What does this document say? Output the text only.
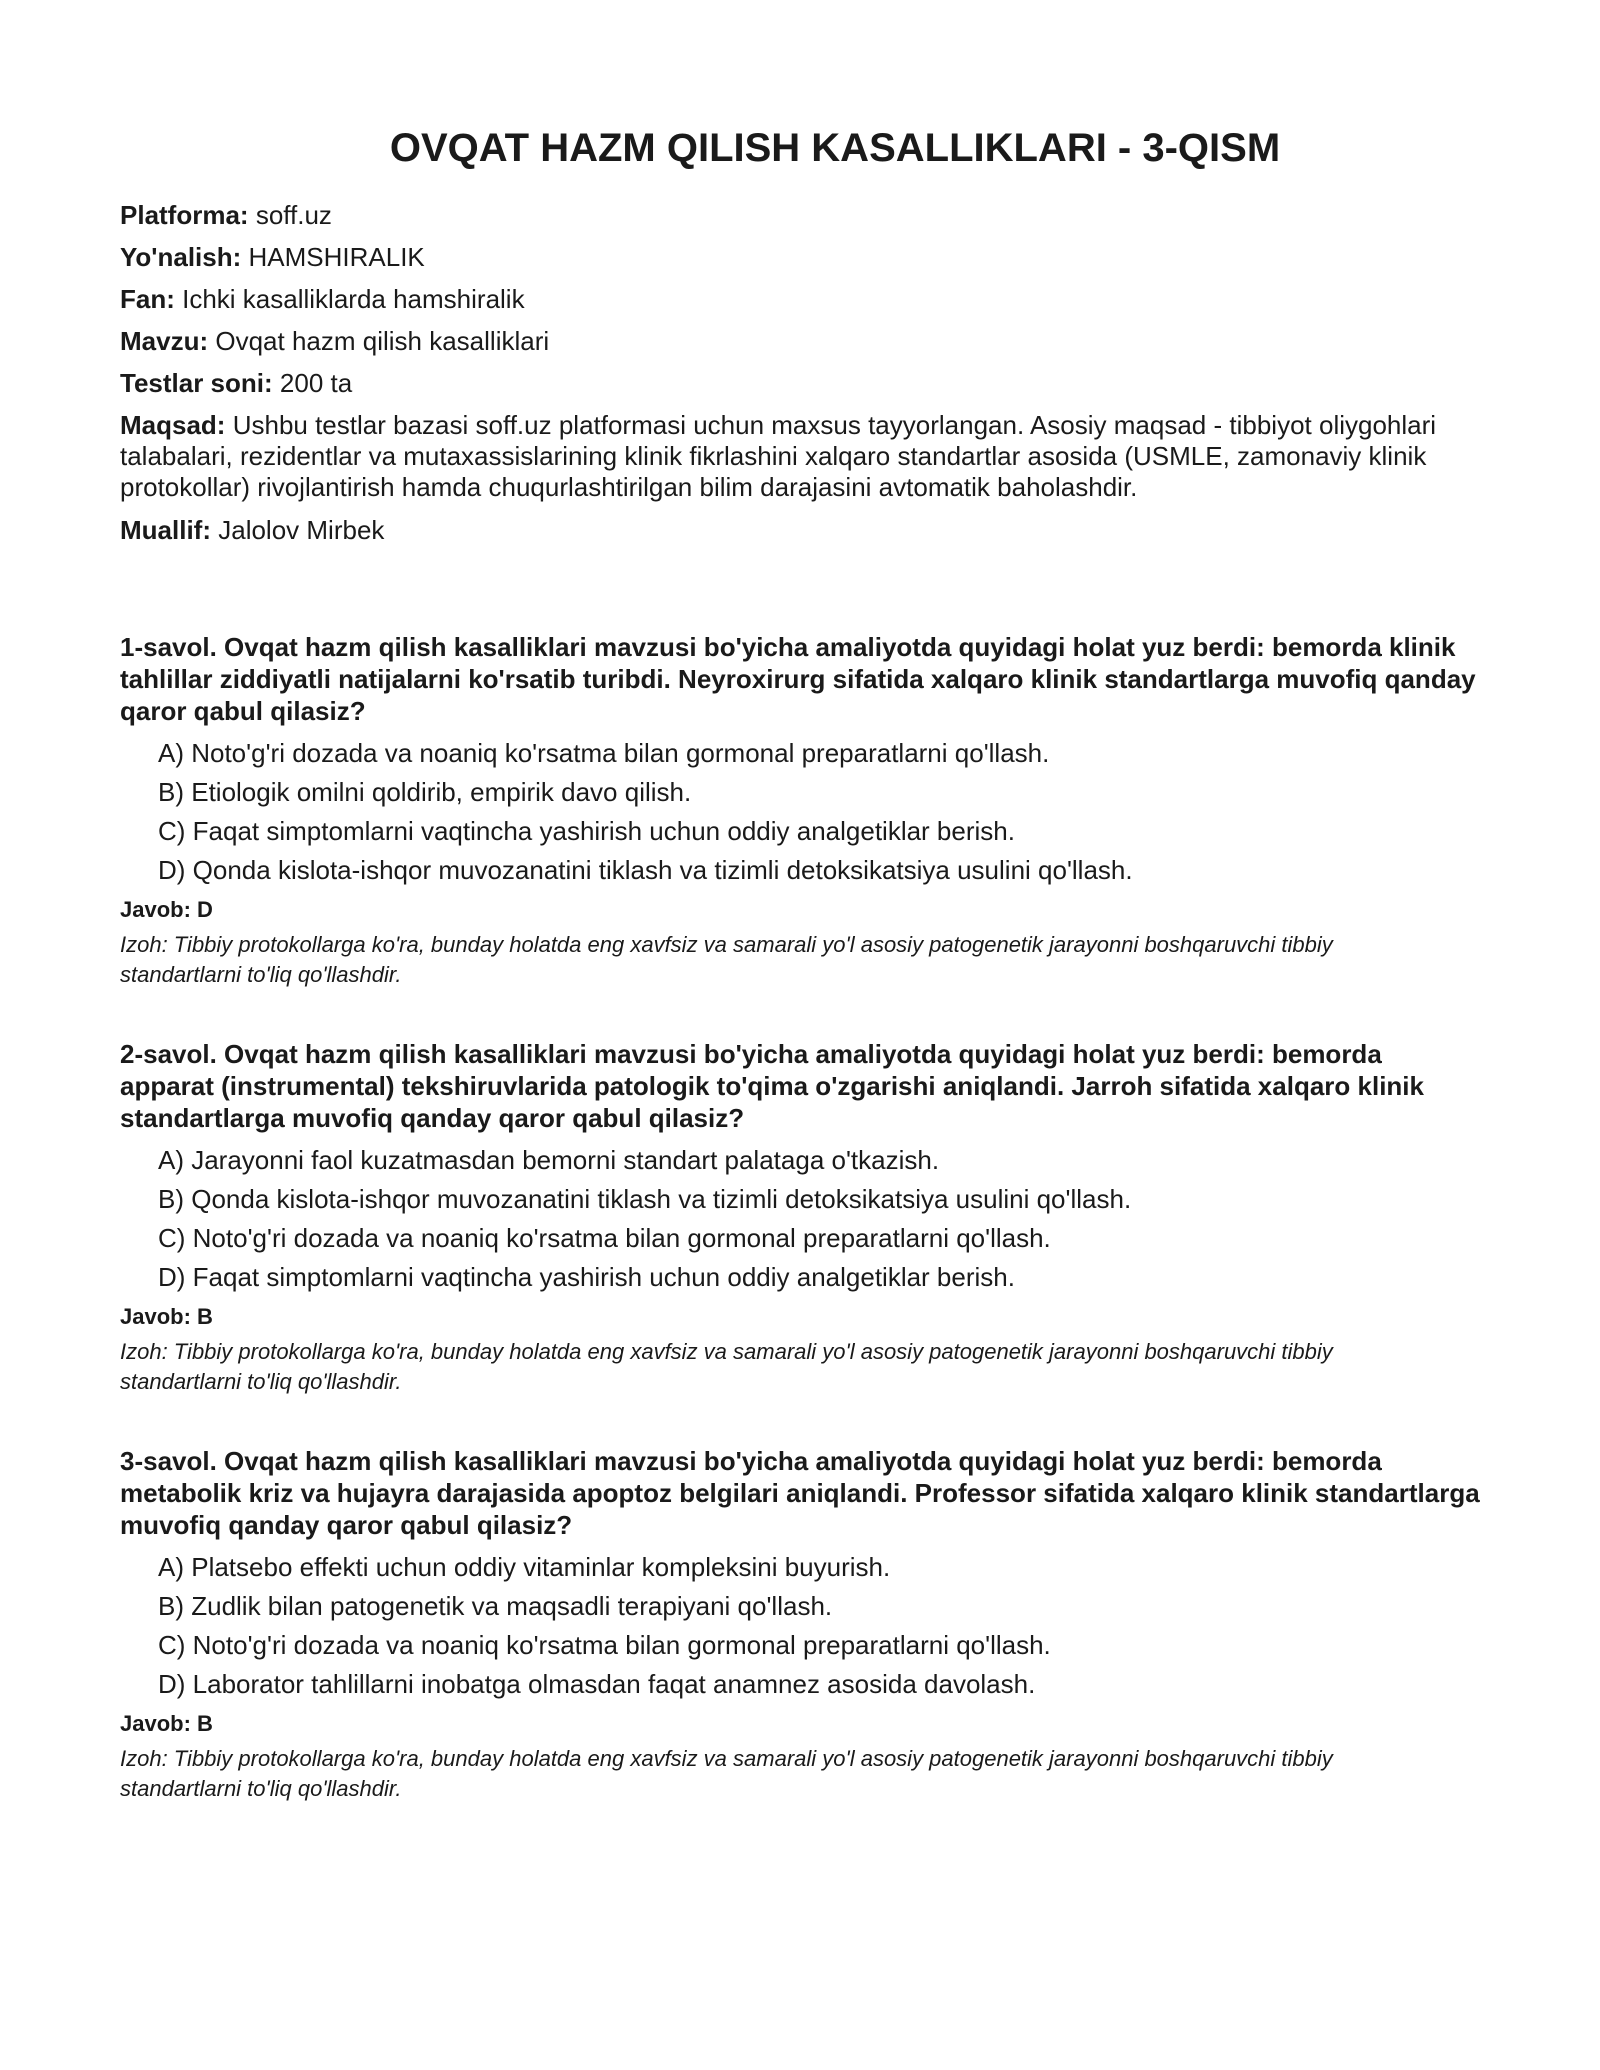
OVQAT HAZM QILISH KASALLIKLARI - 3-QISM

Platforma: soff.uz

Yo'nalish: HAMSHIRALIK

Fan: Ichki kasalliklarda hamshiralik

Mavzu: Ovqat hazm qilish kasalliklari

Testlar soni: 200 ta

Maqsad: Ushbu testlar bazasi soff.uz platformasi uchun maxsus tayyorlangan. Asosiy maqsad - tibbiyot oliygohlari talabalari, rezidentlar va mutaxassislarining klinik fikrlashini xalqaro standartlar asosida (USMLE, zamonaviy klinik protokollar) rivojlantirish hamda chuqurlashtirilgan bilim darajasini avtomatik baholashdir.

Muallif: Jalolov Mirbek

1-savol. Ovqat hazm qilish kasalliklari mavzusi bo'yicha amaliyotda quyidagi holat yuz berdi: bemorda klinik tahlillar ziddiyatli natijalarni ko'rsatib turibdi. Neyroxirurg sifatida xalqaro klinik standartlarga muvofiq qanday qaror qabul qilasiz?

A) Noto'g'ri dozada va noaniq ko'rsatma bilan gormonal preparatlarni qo'llash.
B) Etiologik omilni qoldirib, empirik davo qilish.
C) Faqat simptomlarni vaqtincha yashirish uchun oddiy analgetiklar berish.
D) Qonda kislota-ishqor muvozanatini tiklash va tizimli detoksikatsiya usulini qo'llash.

Javob: D

Izoh: Tibbiy protokollarga ko'ra, bunday holatda eng xavfsiz va samarali yo'l asosiy patogenetik jarayonni boshqaruvchi tibbiy standartlarni to'liq qo'llashdir.

2-savol. Ovqat hazm qilish kasalliklari mavzusi bo'yicha amaliyotda quyidagi holat yuz berdi: bemorda apparat (instrumental) tekshiruvlarida patologik to'qima o'zgarishi aniqlandi. Jarroh sifatida xalqaro klinik standartlarga muvofiq qanday qaror qabul qilasiz?

A) Jarayonni faol kuzatmasdan bemorni standart palataga o'tkazish.
B) Qonda kislota-ishqor muvozanatini tiklash va tizimli detoksikatsiya usulini qo'llash.
C) Noto'g'ri dozada va noaniq ko'rsatma bilan gormonal preparatlarni qo'llash.
D) Faqat simptomlarni vaqtincha yashirish uchun oddiy analgetiklar berish.

Javob: B

Izoh: Tibbiy protokollarga ko'ra, bunday holatda eng xavfsiz va samarali yo'l asosiy patogenetik jarayonni boshqaruvchi tibbiy standartlarni to'liq qo'llashdir.

3-savol. Ovqat hazm qilish kasalliklari mavzusi bo'yicha amaliyotda quyidagi holat yuz berdi: bemorda metabolik kriz va hujayra darajasida apoptoz belgilari aniqlandi. Professor sifatida xalqaro klinik standartlarga muvofiq qanday qaror qabul qilasiz?

A) Platsebo effekti uchun oddiy vitaminlar kompleksini buyurish.
B) Zudlik bilan patogenetik va maqsadli terapiyani qo'llash.
C) Noto'g'ri dozada va noaniq ko'rsatma bilan gormonal preparatlarni qo'llash.
D) Laborator tahlillarni inobatga olmasdan faqat anamnez asosida davolash.

Javob: B

Izoh: Tibbiy protokollarga ko'ra, bunday holatda eng xavfsiz va samarali yo'l asosiy patogenetik jarayonni boshqaruvchi tibbiy standartlarni to'liq qo'llashdir.
